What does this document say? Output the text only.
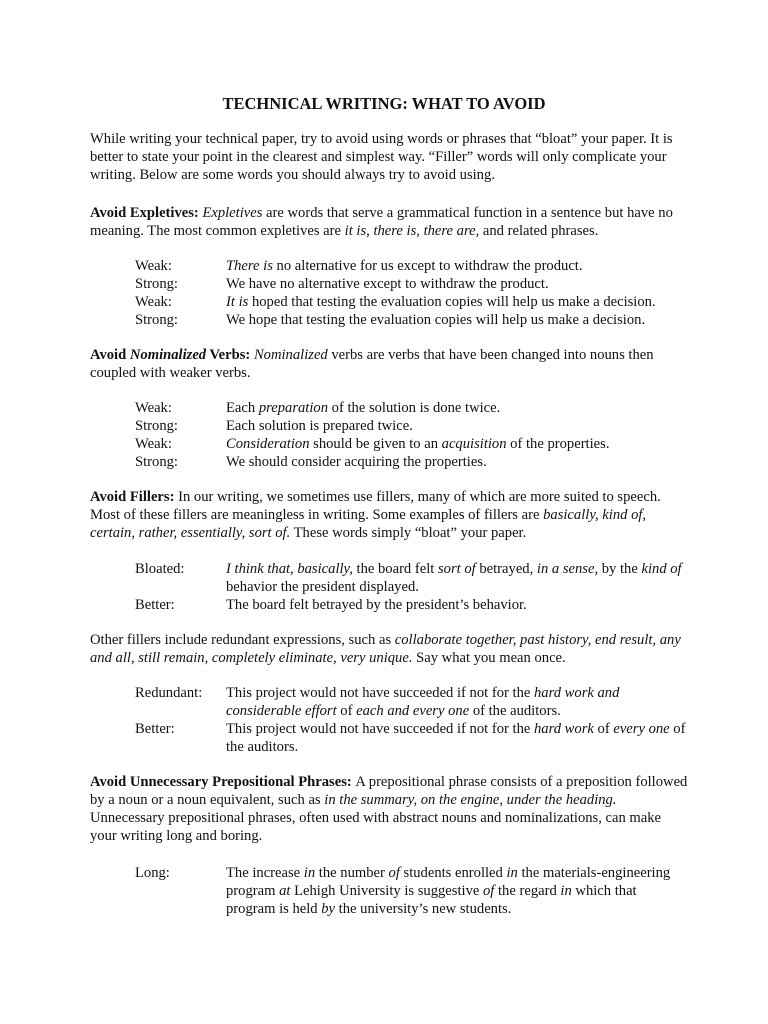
TECHNICAL WRITING: WHAT TO AVOID

While writing your technical paper, try to avoid using words or phrases that “bloat” your paper. It is better to state your point in the clearest and simplest way. “Filler” words will only complicate your writing. Below are some words you should always try to avoid using.

Avoid Expletives: Expletives are words that serve a grammatical function in a sentence but have no meaning. The most common expletives are it is, there is, there are, and related phrases.

Weak:	There is no alternative for us except to withdraw the product.
Strong:	We have no alternative except to withdraw the product.
Weak:	It is hoped that testing the evaluation copies will help us make a decision.
Strong:	We hope that testing the evaluation copies will help us make a decision.

Avoid Nominalized Verbs: Nominalized verbs are verbs that have been changed into nouns then coupled with weaker verbs.

Weak:	Each preparation of the solution is done twice.
Strong:	Each solution is prepared twice.
Weak:	Consideration should be given to an acquisition of the properties.
Strong:	We should consider acquiring the properties.

Avoid Fillers: In our writing, we sometimes use fillers, many of which are more suited to speech. Most of these fillers are meaningless in writing. Some examples of fillers are basically, kind of, certain, rather, essentially, sort of. These words simply “bloat” your paper.

Bloated:	I think that, basically, the board felt sort of betrayed, in a sense, by the kind of behavior the president displayed.
Better:	The board felt betrayed by the president’s behavior.

Other fillers include redundant expressions, such as collaborate together, past history, end result, any and all, still remain, completely eliminate, very unique. Say what you mean once.

Redundant:	This project would not have succeeded if not for the hard work and considerable effort of each and every one of the auditors.
Better:	This project would not have succeeded if not for the hard work of every one of the auditors.

Avoid Unnecessary Prepositional Phrases: A prepositional phrase consists of a preposition followed by a noun or a noun equivalent, such as in the summary, on the engine, under the heading. Unnecessary prepositional phrases, often used with abstract nouns and nominalizations, can make your writing long and boring.

Long:	The increase in the number of students enrolled in the materials-engineering program at Lehigh University is suggestive of the regard in which that program is held by the university’s new students.
